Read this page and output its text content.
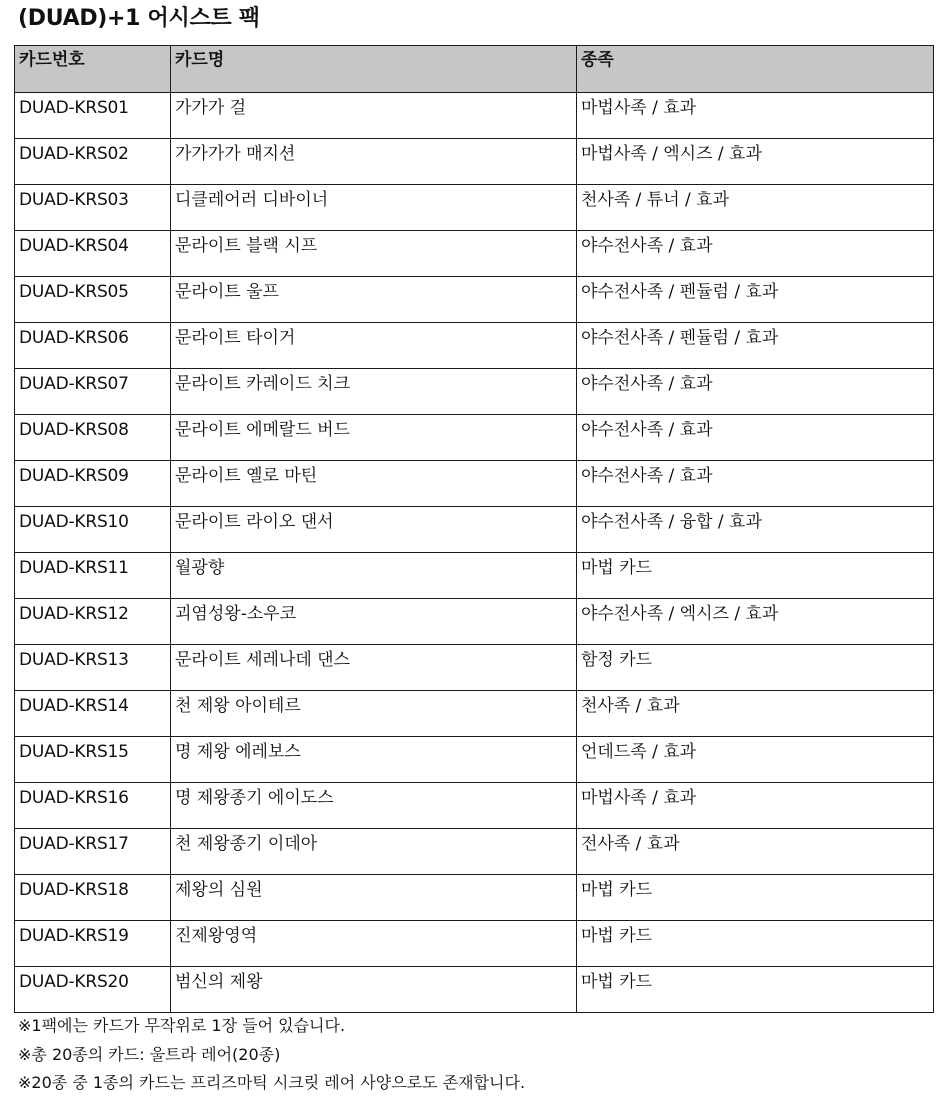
(DUAD)+1 어시스트 팩
카드번호	카드명	종족
DUAD-KRS01	가가가 걸	마법사족 / 효과
DUAD-KRS02	가가가가 매지션	마법사족 / 엑시즈 / 효과
DUAD-KRS03	디클레어러 디바이너	천사족 / 튜너 / 효과
DUAD-KRS04	문라이트 블랙 시프	야수전사족 / 효과
DUAD-KRS05	문라이트 울프	야수전사족 / 펜듈럼 / 효과
DUAD-KRS06	문라이트 타이거	야수전사족 / 펜듈럼 / 효과
DUAD-KRS07	문라이트 카레이드 치크	야수전사족 / 효과
DUAD-KRS08	문라이트 에메랄드 버드	야수전사족 / 효과
DUAD-KRS09	문라이트 옐로 마틴	야수전사족 / 효과
DUAD-KRS10	문라이트 라이오 댄서	야수전사족 / 융합 / 효과
DUAD-KRS11	월광향	마법 카드
DUAD-KRS12	괴염성왕-소우코	야수전사족 / 엑시즈 / 효과
DUAD-KRS13	문라이트 세레나데 댄스	함정 카드
DUAD-KRS14	천 제왕 아이테르	천사족 / 효과
DUAD-KRS15	명 제왕 에레보스	언데드족 / 효과
DUAD-KRS16	명 제왕종기 에이도스	마법사족 / 효과
DUAD-KRS17	천 제왕종기 이데아	전사족 / 효과
DUAD-KRS18	제왕의 심원	마법 카드
DUAD-KRS19	진제왕영역	마법 카드
DUAD-KRS20	범신의 제왕	마법 카드
※1팩에는 카드가 무작위로 1장 들어 있습니다.
※총 20종의 카드: 울트라 레어(20종)
※20종 중 1종의 카드는 프리즈마틱 시크릿 레어 사양으로도 존재합니다.
